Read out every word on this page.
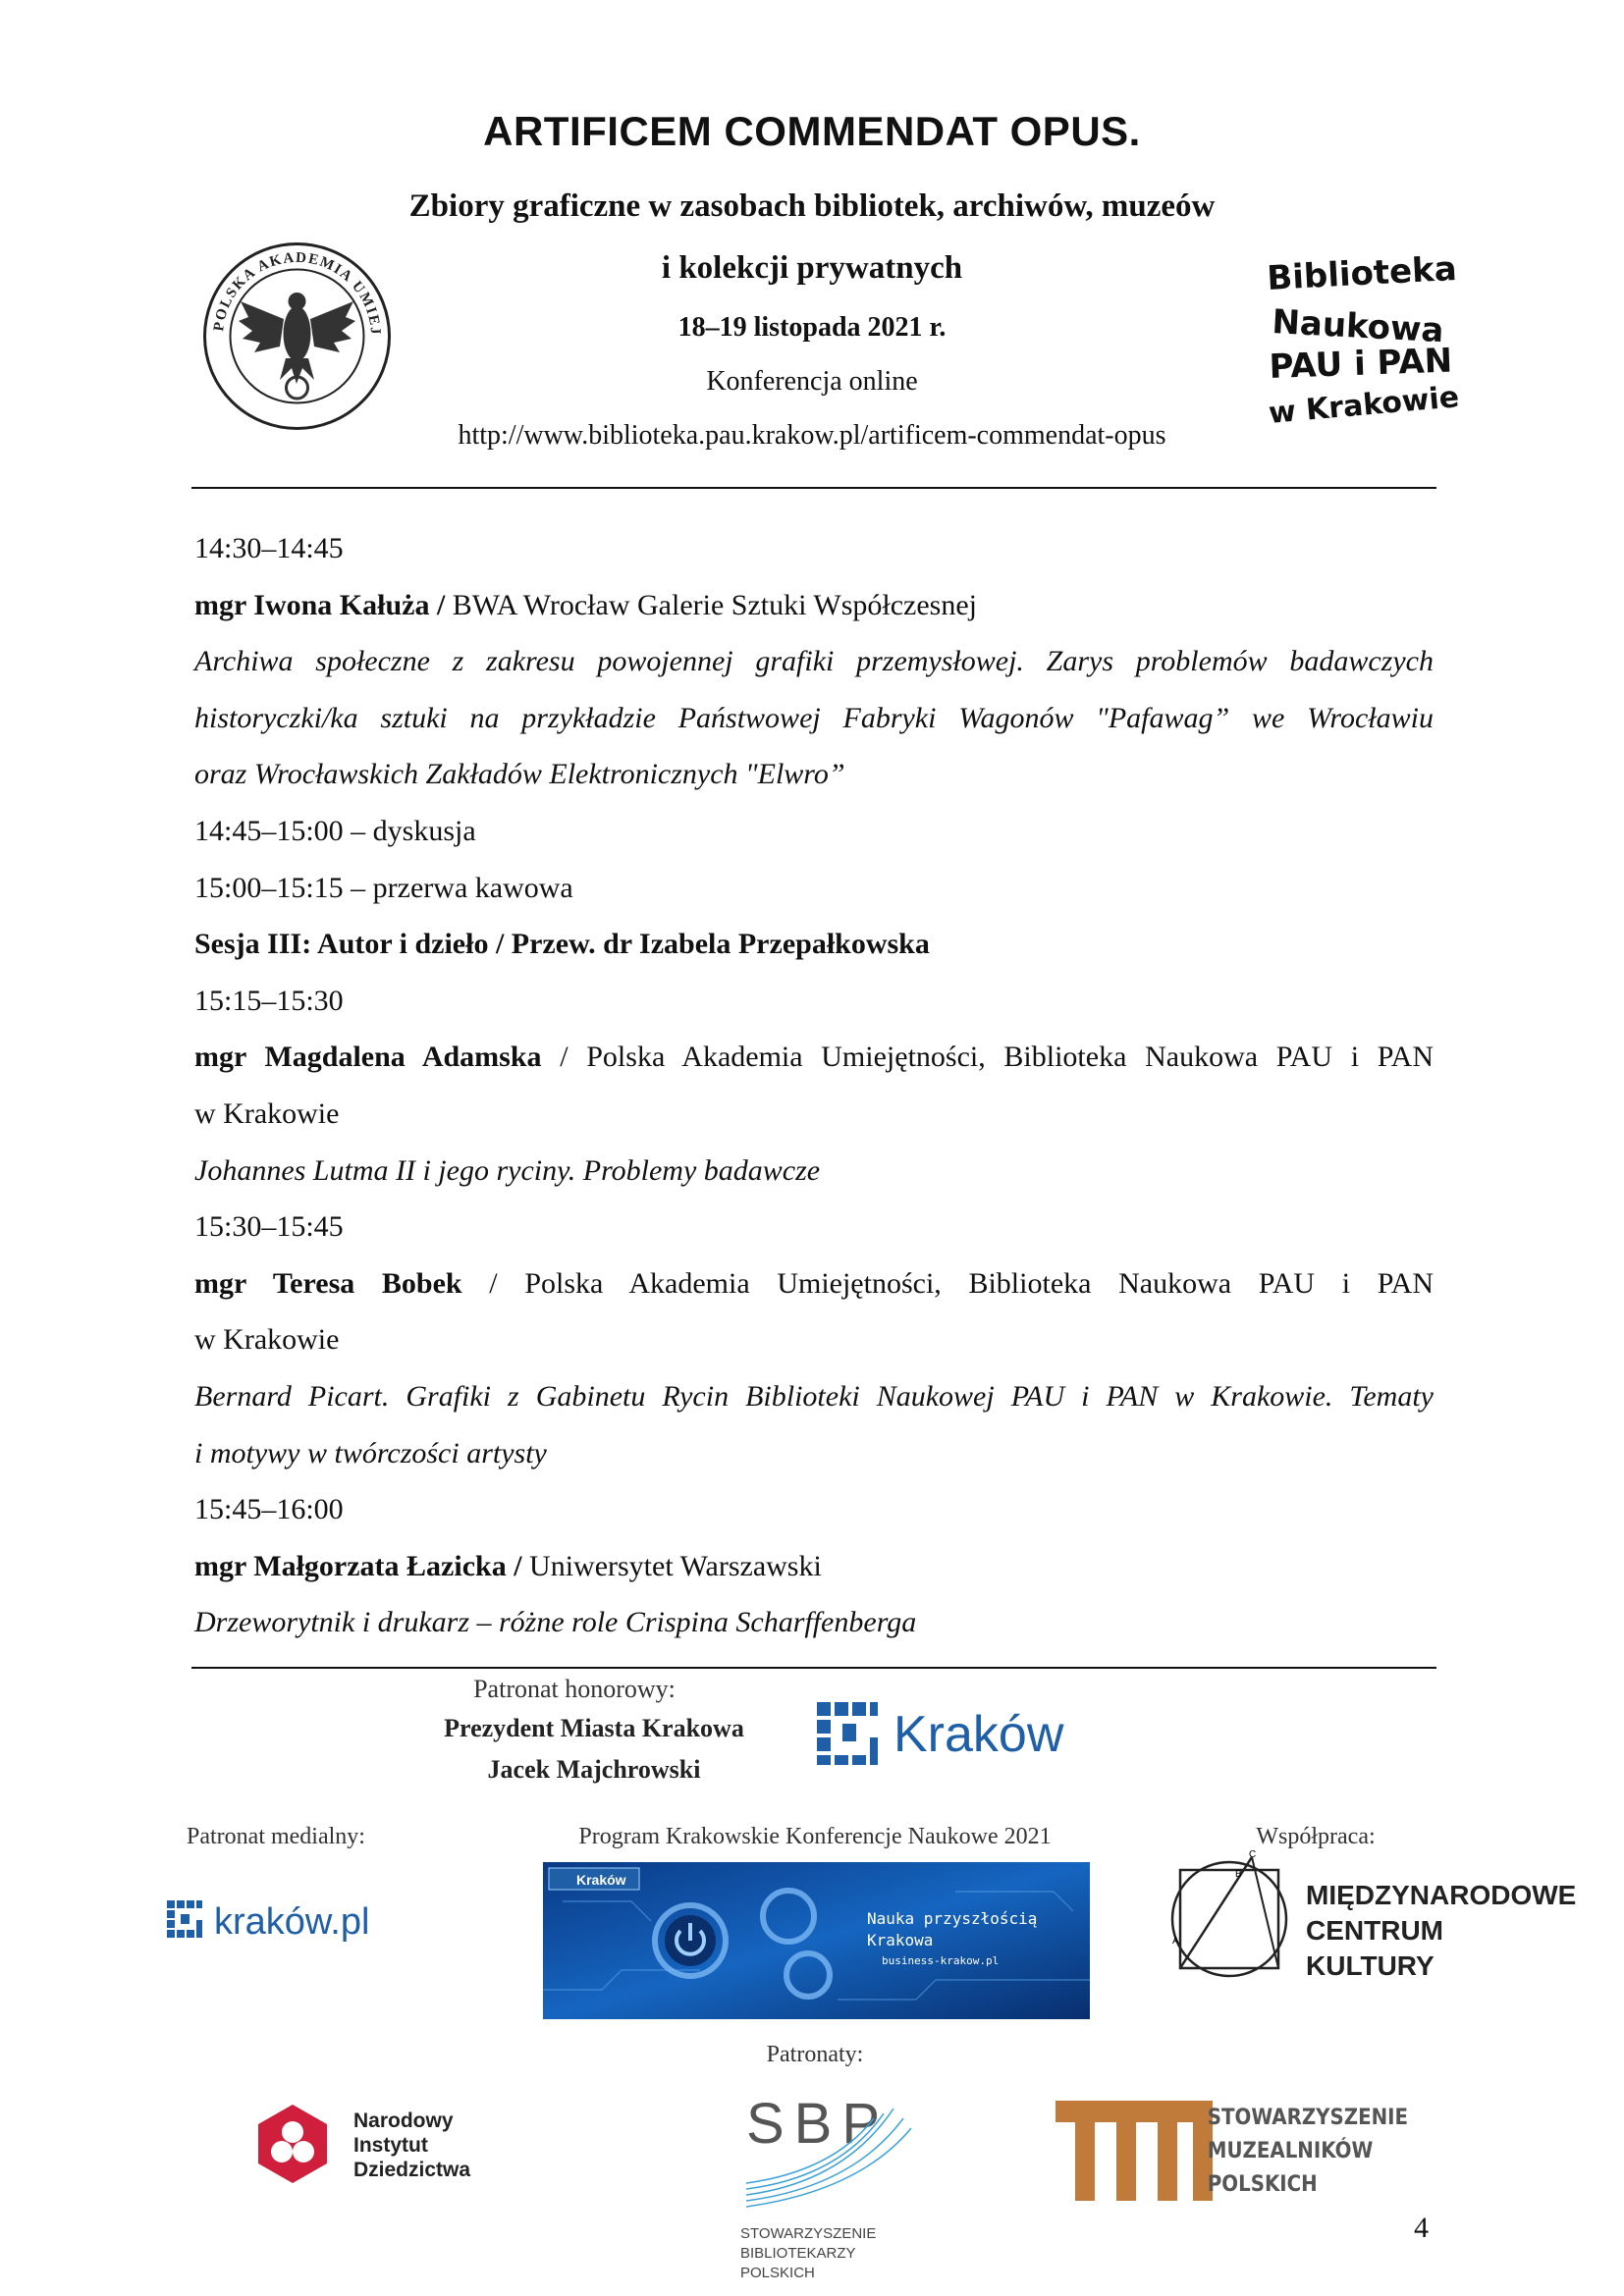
ARTIFICEM COMMENDAT OPUS.
Zbiory graficzne w zasobach bibliotek, archiwów, muzeów
i kolekcji prywatnych
18–19 listopada 2021 r.
Konferencja online
http://www.biblioteka.pau.krakow.pl/artificem-commendat-opus
POLSKA AKADEMIA UMIEJ
Biblioteka
Naukowa
PAU i PAN
w Krakowie
14:30–14:45
mgr Iwona Kałuża / BWA Wrocław Galerie Sztuki Współczesnej
Archiwa społeczne z zakresu powojennej grafiki przemysłowej. Zarys problemów badawczych
historyczki/ka sztuki na przykładzie Państwowej Fabryki Wagonów "Pafawag” we Wrocławiu
oraz Wrocławskich Zakładów Elektronicznych "Elwro”
14:45–15:00 – dyskusja
15:00–15:15 – przerwa kawowa
Sesja III: Autor i dzieło / Przew. dr Izabela Przepałkowska
15:15–15:30
mgr Magdalena Adamska / Polska Akademia Umiejętności, Biblioteka Naukowa PAU i PAN
w Krakowie
Johannes Lutma II i jego ryciny. Problemy badawcze
15:30–15:45
mgr Teresa Bobek / Polska Akademia Umiejętności, Biblioteka Naukowa PAU i PAN
w Krakowie
Bernard Picart. Grafiki z Gabinetu Rycin Biblioteki Naukowej PAU i PAN w Krakowie. Tematy
i motywy w twórczości artysty
15:45–16:00
mgr Małgorzata Łazicka / Uniwersytet Warszawski
Drzeworytnik i drukarz – różne role Crispina Scharffenberga
Patronat honorowy:
Prezydent Miasta Krakowa
Jacek Majchrowski
Kraków
Patronat medialny:	Program Krakowskie Konferencje Naukowe 2021	Współpraca:
kraków.pl
Kraków
Nauka przyszłością
Krakowa
business-krakow.pl
A
B
C
MIĘDZYNARODOWE
CENTRUM
KULTURY
Patronaty:
Narodowy
Instytut
Dziedzictwa
SBP
STOWARZYSZENIE
BIBLIOTEKARZY
POLSKICH
STOWARZYSZENIE
MUZEALNIKÓW
POLSKICH
4
